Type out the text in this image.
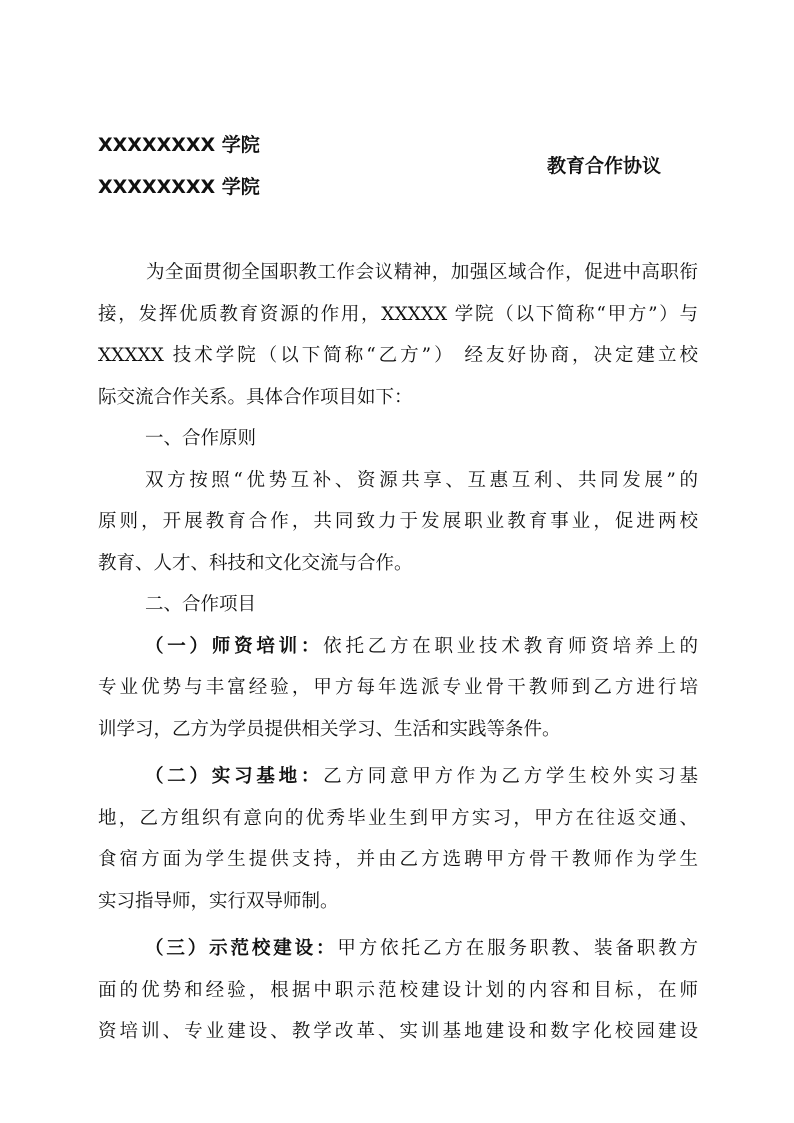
XXXXXXXX 学院
XXXXXXXX 学院
教育合作协议
为全面贯彻全国职教工作会议精神，加强区域合作，促进中高职衔
接，发挥优质教育资源的作用，XXXXX 学院（以下简称“甲方”）与
XXXXX 技术学院（以下简称“乙方”） 经友好协商，决定建立校
际交流合作关系。具体合作项目如下：
一、合作原则
双方按照“优势互补、资源共享、互惠互利、共同发展”的
原则，开展教育合作，共同致力于发展职业教育事业，促进两校
教育、人才、科技和文化交流与合作。
二、合作项目
（一）师资培训：依托乙方在职业技术教育师资培养上的
专业优势与丰富经验，甲方每年选派专业骨干教师到乙方进行培
训学习，乙方为学员提供相关学习、生活和实践等条件。
（二）实习基地：乙方同意甲方作为乙方学生校外实习基
地，乙方组织有意向的优秀毕业生到甲方实习，甲方在往返交通、
食宿方面为学生提供支持，并由乙方选聘甲方骨干教师作为学生
实习指导师，实行双导师制。
（三）示范校建设：甲方依托乙方在服务职教、装备职教方
面的优势和经验，根据中职示范校建设计划的内容和目标，在师
资培训、专业建设、教学改革、实训基地建设和数字化校园建设
